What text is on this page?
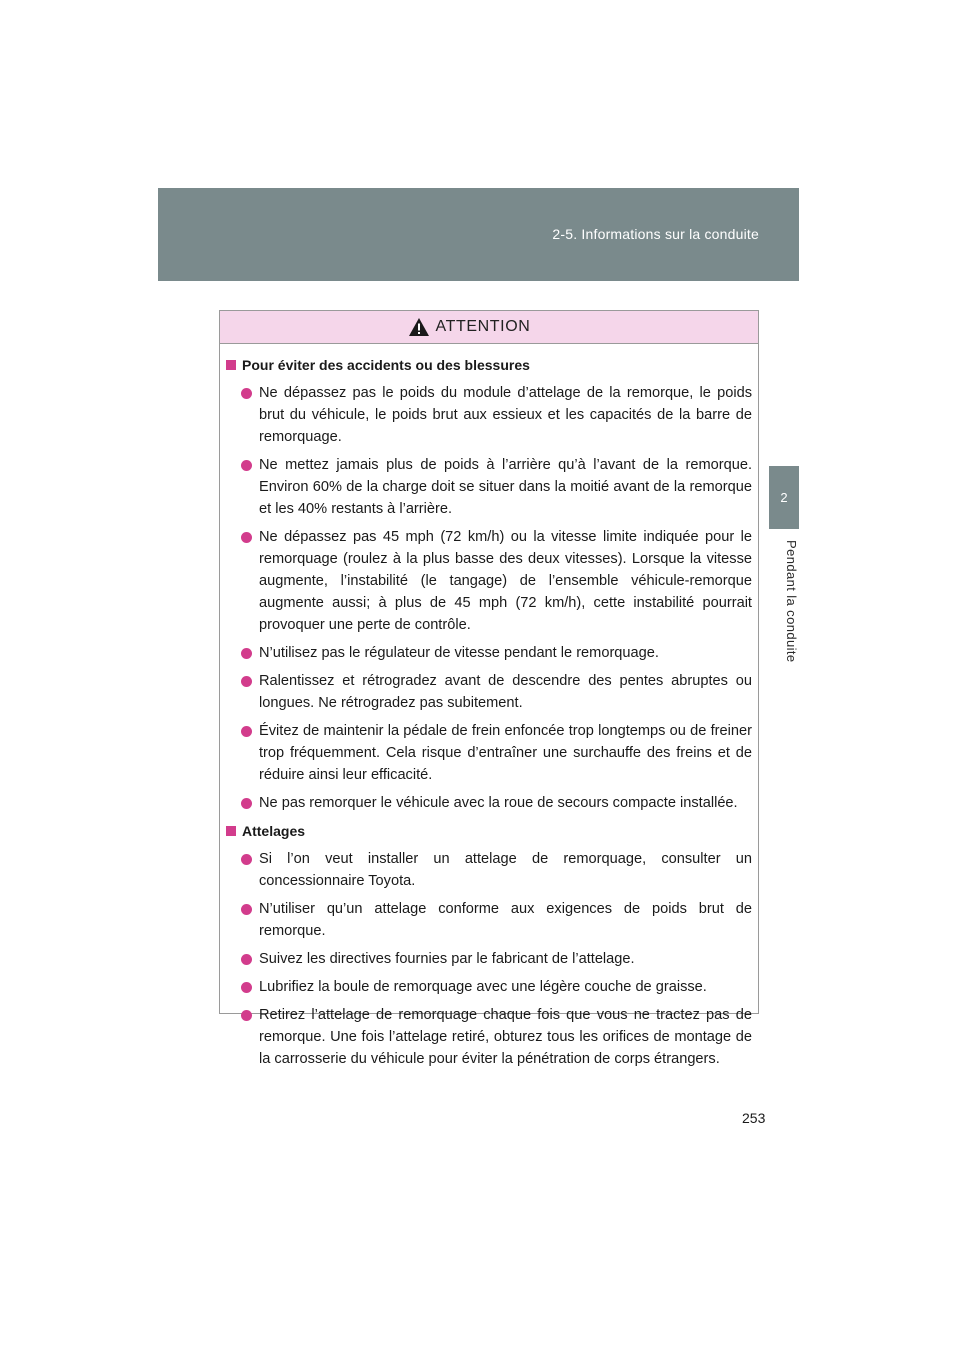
2-5. Informations sur la conduite
2
Pendant la conduite
ATTENTION
Pour éviter des accidents ou des blessures
Ne dépassez pas le poids du module d’attelage de la remorque, le poids brut du véhicule, le poids brut aux essieux et les capacités de la barre de remorquage.
Ne mettez jamais plus de poids à l’arrière qu’à l’avant de la remorque. Environ 60% de la charge doit se situer dans la moitié avant de la remorque et les 40% restants à l’arrière.
Ne dépassez pas 45 mph (72 km/h) ou la vitesse limite indiquée pour le remorquage (roulez à la plus basse des deux vitesses). Lorsque la vitesse augmente, l’instabilité (le tangage) de l’ensemble véhicule-remorque augmente aussi; à plus de 45 mph (72 km/h), cette instabilité pourrait provoquer une perte de contrôle.
N’utilisez pas le régulateur de vitesse pendant le remorquage.
Ralentissez et rétrogradez avant de descendre des pentes abruptes ou longues. Ne rétrogradez pas subitement.
Évitez de maintenir la pédale de frein enfoncée trop longtemps ou de freiner trop fréquemment. Cela risque d’entraîner une surchauffe des freins et de réduire ainsi leur efficacité.
Ne pas remorquer le véhicule avec la roue de secours compacte installée.
Attelages
Si l’on veut installer un attelage de remorquage, consulter un concessionnaire Toyota.
N’utiliser qu’un attelage conforme aux exigences de poids brut de remorque.
Suivez les directives fournies par le fabricant de l’attelage.
Lubrifiez la boule de remorquage avec une légère couche de graisse.
Retirez l’attelage de remorquage chaque fois que vous ne tractez pas de remorque. Une fois l’attelage retiré, obturez tous les orifices de montage de la carrosserie du véhicule pour éviter la pénétration de corps étrangers.
253
